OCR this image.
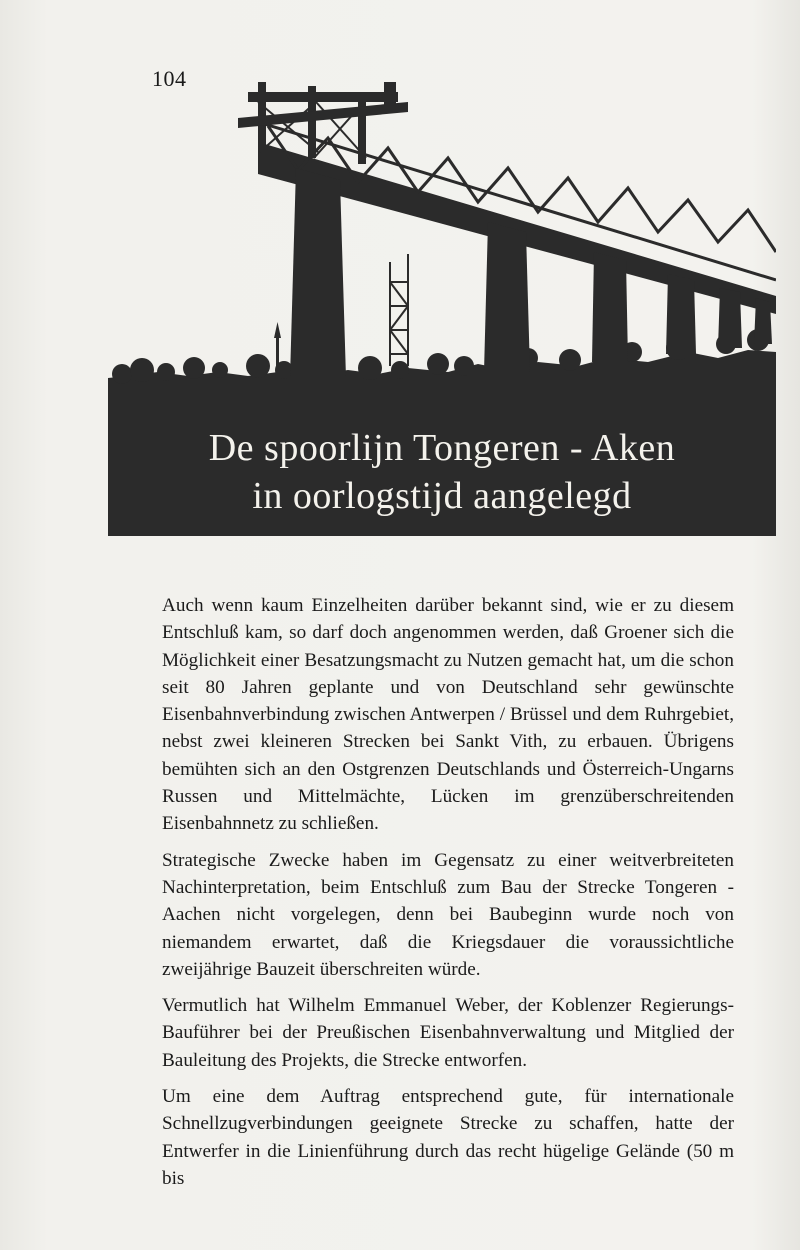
104
De spoorlijn Tongeren - Aken
in oorlogstijd aangelegd

Auch wenn kaum Einzelheiten darüber bekannt sind, wie er zu diesem Entschluß kam, so darf doch angenommen werden, daß Groener sich die Möglichkeit einer Besatzungsmacht zu Nutzen gemacht hat, um die schon seit 80 Jahren geplante und von Deutschland sehr gewünschte Eisenbahnverbindung zwischen Antwerpen / Brüssel und dem Ruhrgebiet, nebst zwei kleineren Strecken bei Sankt Vith, zu erbauen. Übrigens bemühten sich an den Ostgrenzen Deutschlands und Österreich-Ungarns Russen und Mittelmächte, Lücken im grenzüberschreitenden Eisenbahnnetz zu schließen.

Strategische Zwecke haben im Gegensatz zu einer weitverbreiteten Nachinterpretation, beim Entschluß zum Bau der Strecke Tongeren - Aachen nicht vorgelegen, denn bei Baubeginn wurde noch von niemandem erwartet, daß die Kriegsdauer die voraussichtliche zweijährige Bauzeit überschreiten würde.

Vermutlich hat Wilhelm Emmanuel Weber, der Koblenzer Regierungs-Bauführer bei der Preußischen Eisenbahnverwaltung und Mitglied der Bauleitung des Projekts, die Strecke entworfen.

Um eine dem Auftrag entsprechend gute, für internationale Schnellzugverbindungen geeignete Strecke zu schaffen, hatte der Entwerfer in die Linienführung durch das recht hügelige Gelände (50 m bis
